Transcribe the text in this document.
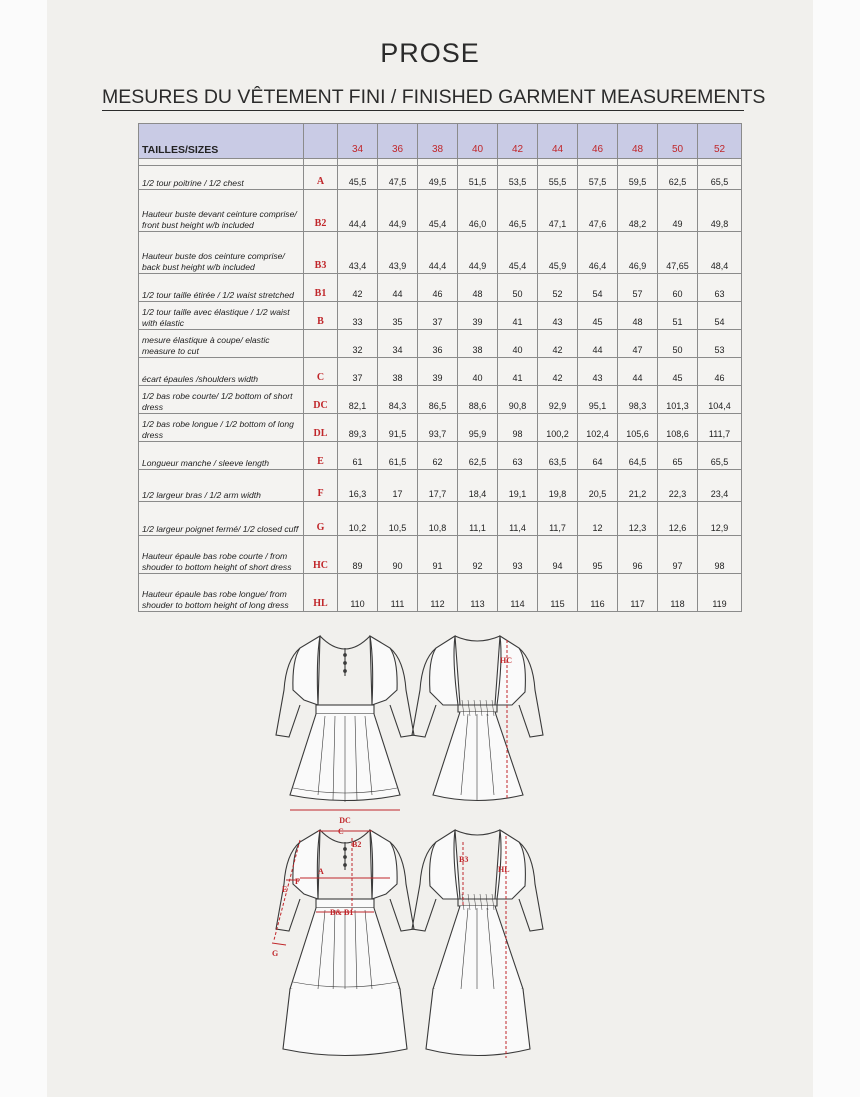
PROSE
MESURES DU VÊTEMENT FINI / FINISHED GARMENT MEASUREMENTS
TAILLES/SIZES		34	36	38	40	42	44	46	48	50	52

1/2 tour poitrine / 1/2 chest	A	45,5	47,5	49,5	51,5	53,5	55,5	57,5	59,5	62,5	65,5
Hauteur buste devant ceinture comprise/ front bust height w/b included	B2	44,4	44,9	45,4	46,0	46,5	47,1	47,6	48,2	49	49,8
Hauteur buste dos ceinture comprise/ back bust height w/b included	B3	43,4	43,9	44,4	44,9	45,4	45,9	46,4	46,9	47,65	48,4
1/2 tour taille étirée / 1/2 waist stretched	B1	42	44	46	48	50	52	54	57	60	63
1/2 tour taille avec élastique / 1/2 waist with élastic	B	33	35	37	39	41	43	45	48	51	54
mesure élastique à coupe/ elastic measure to cut		32	34	36	38	40	42	44	47	50	53
écart épaules /shoulders width	C	37	38	39	40	41	42	43	44	45	46
1/2 bas robe courte/ 1/2 bottom of short dress	DC	82,1	84,3	86,5	88,6	90,8	92,9	95,1	98,3	101,3	104,4
1/2 bas robe longue / 1/2 bottom of long dress	DL	89,3	91,5	93,7	95,9	98	100,2	102,4	105,6	108,6	111,7
Longueur manche / sleeve length	E	61	61,5	62	62,5	63	63,5	64	64,5	65	65,5
1/2 largeur bras / 1/2 arm width	F	16,3	17	17,7	18,4	19,1	19,8	20,5	21,2	22,3	23,4
1/2 largeur poignet fermé/ 1/2 closed cuff	G	10,2	10,5	10,8	11,1	11,4	11,7	12	12,3	12,6	12,9
Hauteur épaule bas robe courte / from shouder to bottom height of short dress	HC	89	90	91	92	93	94	95	96	97	98
Hauteur épaule bas robe longue/ from shouder to bottom height of long dress	HL	110	111	112	113	114	115	116	117	118	119
DC
HC
C
B2
A
F
E
G
B& B1
B3
HL
